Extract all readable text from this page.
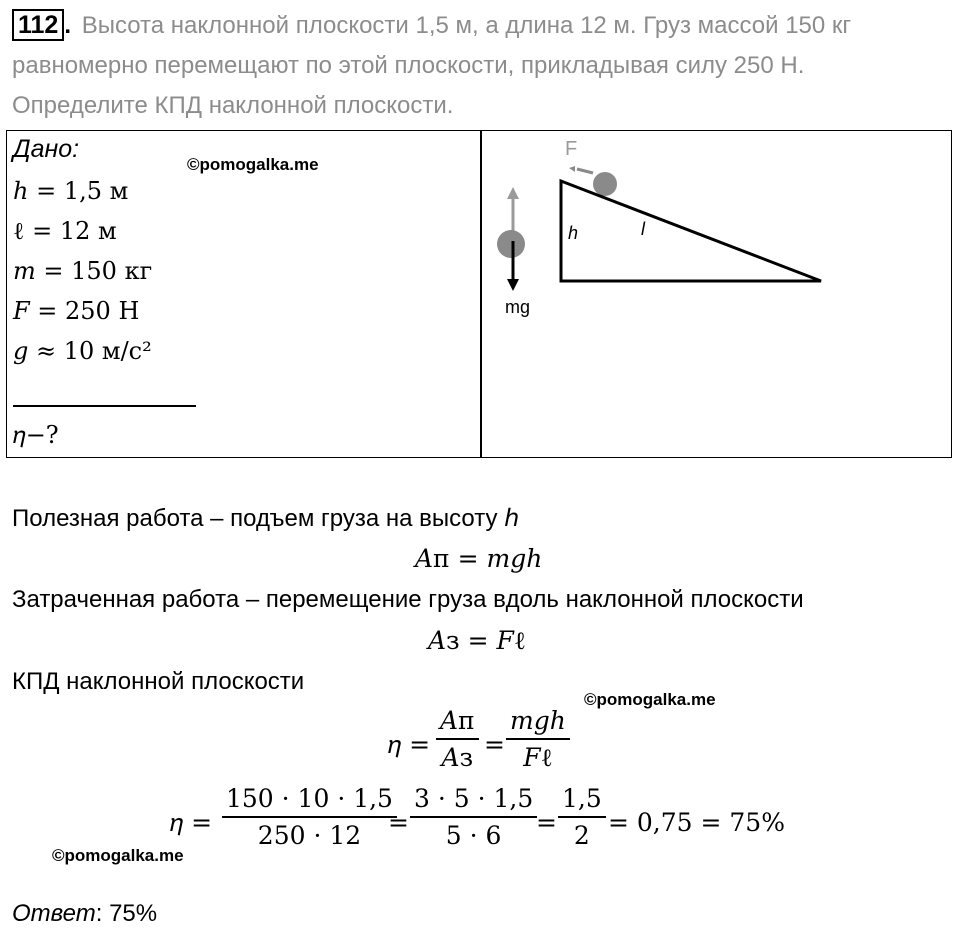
112 . Высота наклонной плоскости 1,5 м, а длина 12 м. Груз массой 150 кг
равномерно перемещают по этой плоскости, прикладывая силу 250 Н.
Определите КПД наклонной плоскости.
Дано:
ℎ = 1,5 м
ℓ = 12 м
𝑚 = 150 кг
𝐹 = 250 Н
𝑔 ≈ 10 м/с²
𝜂−?
©pomogalka.me
F
h	l
mg
Полезная работа – подъем груза на высоту ℎ
𝐴п = 𝑚𝑔ℎ
Затраченная работа – перемещение груза вдоль наклонной плоскости
𝐴з = 𝐹ℓ
КПД наклонной плоскости
©pomogalka.me
𝜂 =
𝐴п
𝐴з =
𝑚𝑔ℎ
𝐹ℓ
𝜂 =
150 · 10 · 1,5
250 · 12	=
3 · 5 · 1,5
5 · 6	=
1,5
2 = 0,75 = 75%
©pomogalka.me
Ответ: 75%
